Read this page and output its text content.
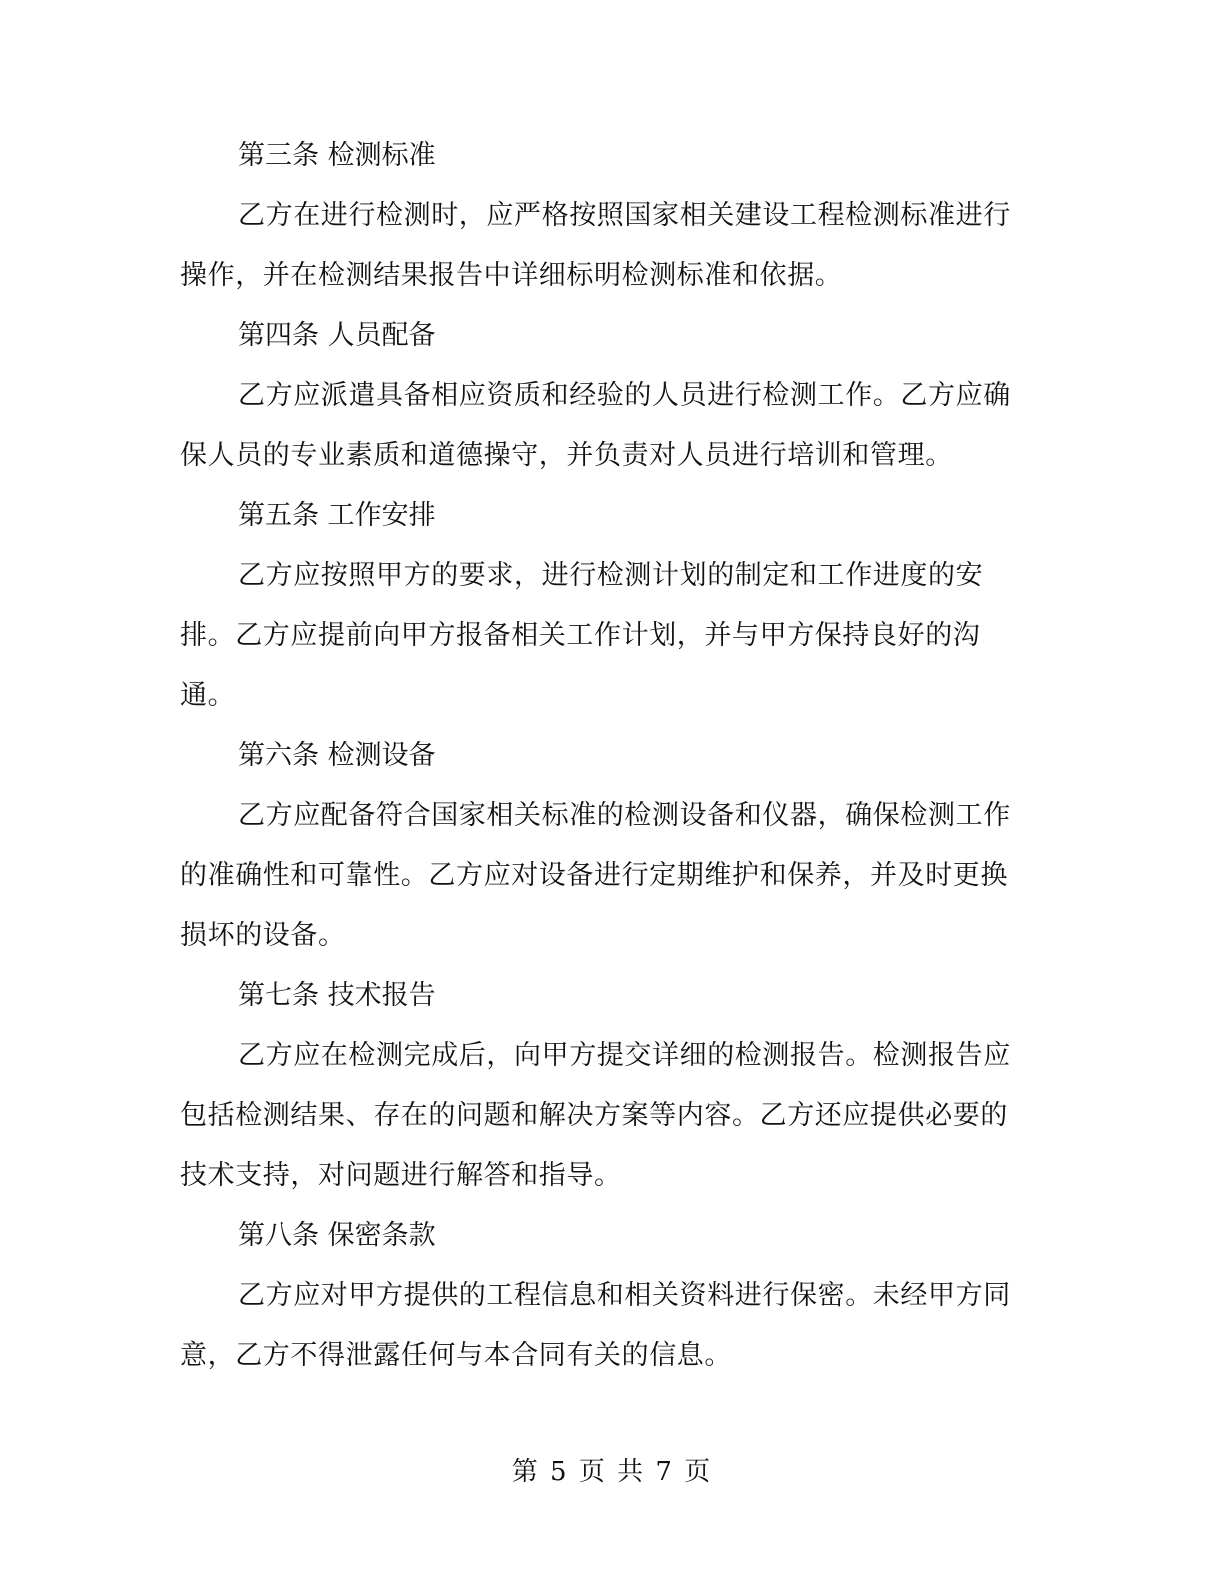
第三条 检测标准
乙方在进行检测时，应严格按照国家相关建设工程检测标准进行
操作，并在检测结果报告中详细标明检测标准和依据。
第四条 人员配备
乙方应派遣具备相应资质和经验的人员进行检测工作。乙方应确
保人员的专业素质和道德操守，并负责对人员进行培训和管理。
第五条 工作安排
乙方应按照甲方的要求，进行检测计划的制定和工作进度的安
排。乙方应提前向甲方报备相关工作计划，并与甲方保持良好的沟
通。
第六条 检测设备
乙方应配备符合国家相关标准的检测设备和仪器，确保检测工作
的准确性和可靠性。乙方应对设备进行定期维护和保养，并及时更换
损坏的设备。
第七条 技术报告
乙方应在检测完成后，向甲方提交详细的检测报告。检测报告应
包括检测结果、存在的问题和解决方案等内容。乙方还应提供必要的
技术支持，对问题进行解答和指导。
第八条 保密条款
乙方应对甲方提供的工程信息和相关资料进行保密。未经甲方同
意，乙方不得泄露任何与本合同有关的信息。
第 5 页 共 7 页
